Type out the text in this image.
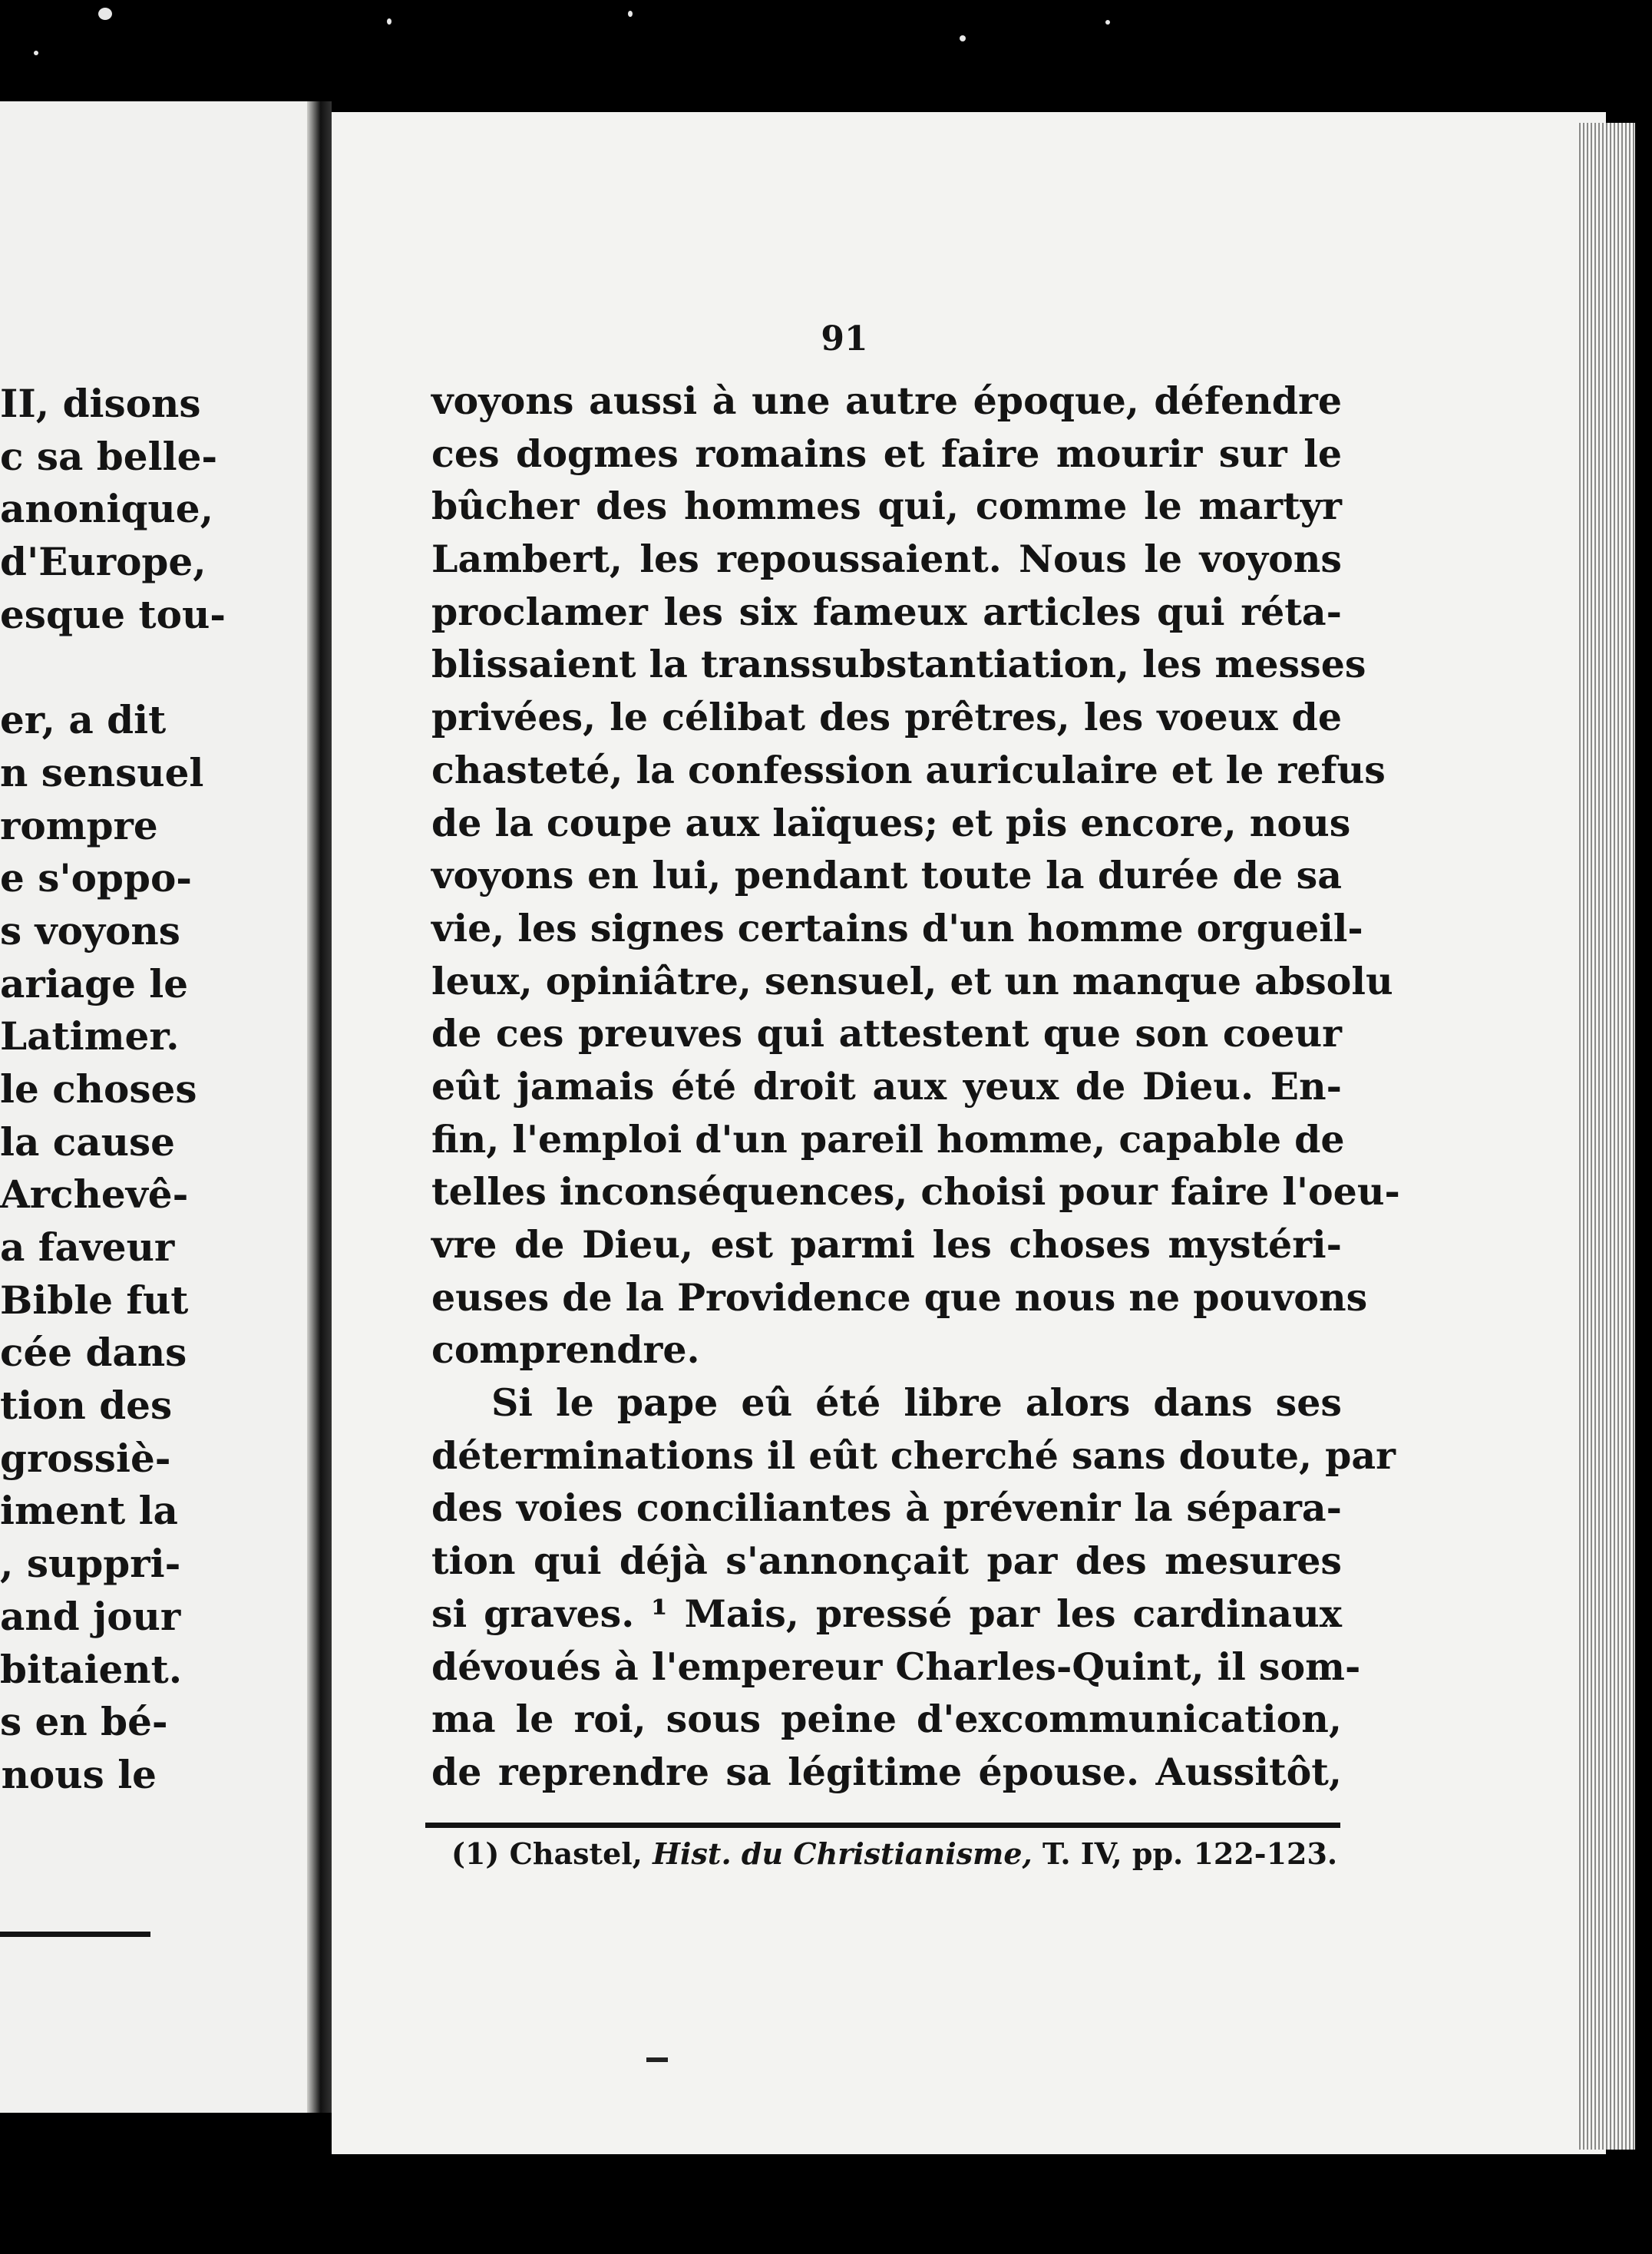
II, disons
c sa belle-
anonique,
d'Europe,
esque tou-
er, a dit
n sensuel
rompre
e s'oppo-
s voyons
ariage le
Latimer.
le choses
la cause
Archevê-
a faveur
Bible fut
cée dans
tion des
grossiè-
iment la
, suppri-
and jour
bitaient.
s en bé-
nous le
91
voyons aussi à une autre époque, défendre
ces dogmes romains et faire mourir sur le
bûcher des hommes qui, comme le martyr
Lambert, les repoussaient. Nous le voyons
proclamer les six fameux articles qui réta-
blissaient la transsubstantiation, les messes
privées, le célibat des prêtres, les voeux de
chasteté, la confession auriculaire et le refus
de la coupe aux laïques; et pis encore, nous
voyons en lui, pendant toute la durée de sa
vie, les signes certains d'un homme orgueil-
leux, opiniâtre, sensuel, et un manque absolu
de ces preuves qui attestent que son coeur
eût jamais été droit aux yeux de Dieu. En-
fin, l'emploi d'un pareil homme, capable de
telles inconséquences, choisi pour faire l'oeu-
vre de Dieu, est parmi les choses mystéri-
euses de la Providence que nous ne pouvons
comprendre.
Si le pape eû été libre alors dans ses
déterminations il eût cherché sans doute, par
des voies conciliantes à prévenir la sépara-
tion qui déjà s'annonçait par des mesures
si graves. ¹ Mais, pressé par les cardinaux
dévoués à l'empereur Charles-Quint, il som-
ma le roi, sous peine d'excommunication,
de reprendre sa légitime épouse. Aussitôt,
(1) Chastel, Hist. du Christianisme, T. IV, pp. 122-123.
